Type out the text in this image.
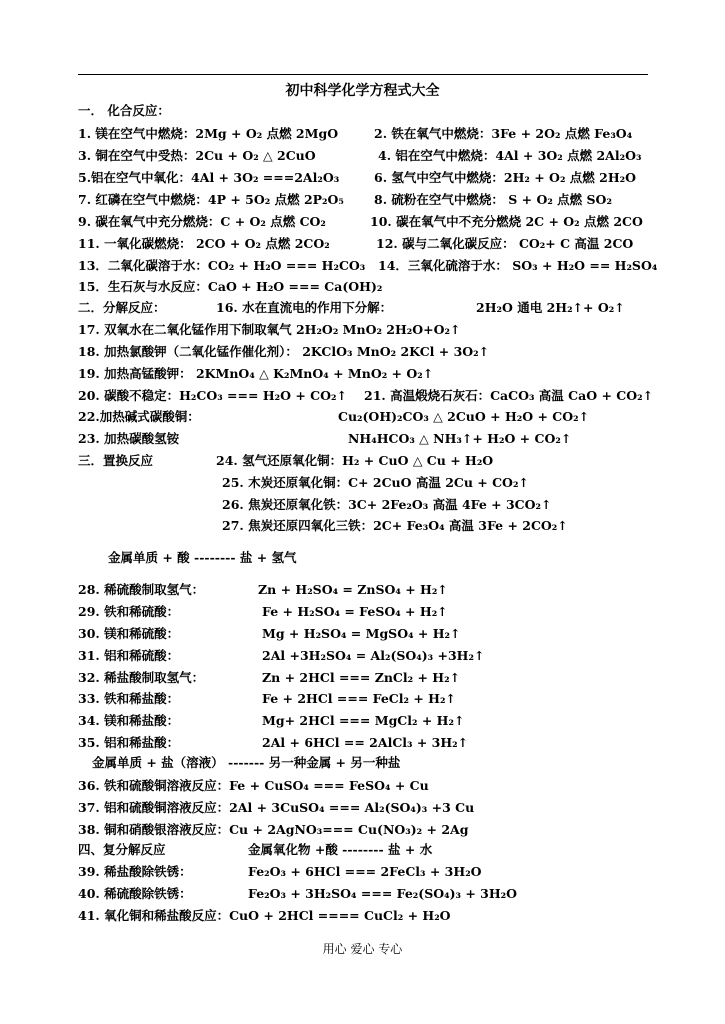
初中科学化学方程式大全
一． 化合反应：
1. 镁在空气中燃烧：2Mg + O₂ 点燃 2MgO	2. 铁在氧气中燃烧：3Fe + 2O₂ 点燃 Fe₃O₄
3. 铜在空气中受热：2Cu + O₂ △ 2CuO	4. 铝在空气中燃烧：4Al + 3O₂ 点燃 2Al₂O₃
5.铝在空气中氧化：4Al + 3O₂ ===2Al₂O₃	6. 氢气中空气中燃烧：2H₂ + O₂ 点燃 2H₂O
7. 红磷在空气中燃烧：4P + 5O₂ 点燃 2P₂O₅ 8. 硫粉在空气中燃烧： S + O₂ 点燃 SO₂
9. 碳在氧气中充分燃烧：C + O₂ 点燃 CO₂	10. 碳在氧气中不充分燃烧 2C + O₂ 点燃 2CO
11. 一氧化碳燃烧： 2CO + O₂ 点燃 2CO₂	12. 碳与二氧化碳反应： CO₂+ C 高温 2CO
13．二氧化碳溶于水：CO₂ + H₂O === H₂CO₃ 14．三氧化硫溶于水： SO₃ + H₂O == H₂SO₄
15．生石灰与水反应：CaO + H₂O === Ca(OH)₂
二．分解反应：	16. 水在直流电的作用下分解：	2H₂O 通电 2H₂↑+ O₂↑
17. 双氧水在二氧化锰作用下制取氧气 2H₂O₂ MnO₂ 2H₂O+O₂↑
18. 加热氯酸钾（二氧化锰作催化剂）： 2KClO₃ MnO₂ 2KCl + 3O₂↑
19. 加热高锰酸钾： 2KMnO₄ △ K₂MnO₄ + MnO₂ + O₂↑
20. 碳酸不稳定：H₂CO₃ === H₂O + CO₂↑ 21. 高温煅烧石灰石：CaCO₃ 高温 CaO + CO₂↑
22.加热碱式碳酸铜：	Cu₂(OH)₂CO₃ △ 2CuO + H₂O + CO₂↑
23. 加热碳酸氢铵	NH₄HCO₃ △ NH₃↑+ H₂O + CO₂↑
三．置换反应	24. 氢气还原氧化铜：H₂ + CuO △ Cu + H₂O
25. 木炭还原氧化铜：C+ 2CuO 高温 2Cu + CO₂↑
26. 焦炭还原氧化铁：3C+ 2Fe₂O₃ 高温 4Fe + 3CO₂↑
27. 焦炭还原四氧化三铁：2C+ Fe₃O₄ 高温 3Fe + 2CO₂↑
金属单质 + 酸 -------- 盐 + 氢气
28. 稀硫酸制取氢气：	Zn + H₂SO₄ = ZnSO₄ + H₂↑
29. 铁和稀硫酸：	Fe + H₂SO₄ = FeSO₄ + H₂↑
30. 镁和稀硫酸：	Mg + H₂SO₄ = MgSO₄ + H₂↑
31. 铝和稀硫酸：	2Al +3H₂SO₄ = Al₂(SO₄)₃ +3H₂↑
32. 稀盐酸制取氢气：	Zn + 2HCl === ZnCl₂ + H₂↑
33. 铁和稀盐酸：	Fe + 2HCl === FeCl₂ + H₂↑
34. 镁和稀盐酸：	Mg+ 2HCl === MgCl₂ + H₂↑
35. 铝和稀盐酸：	2Al + 6HCl == 2AlCl₃ + 3H₂↑
金属单质 + 盐（溶液） ------- 另一种金属 + 另一种盐
36. 铁和硫酸铜溶液反应：Fe + CuSO₄ === FeSO₄ + Cu
37. 铝和硫酸铜溶液反应：2Al + 3CuSO₄ === Al₂(SO₄)₃ +3 Cu
38. 铜和硝酸银溶液反应：Cu + 2AgNO₃=== Cu(NO₃)₂ + 2Ag
四、复分解反应	金属氧化物 +酸 -------- 盐 + 水
39. 稀盐酸除铁锈：	Fe₂O₃ + 6HCl === 2FeCl₃ + 3H₂O
40. 稀硫酸除铁锈：	Fe₂O₃ + 3H₂SO₄ === Fe₂(SO₄)₃ + 3H₂O
41. 氧化铜和稀盐酸反应：CuO + 2HCl ==== CuCl₂ + H₂O
用心 爱心 专心
